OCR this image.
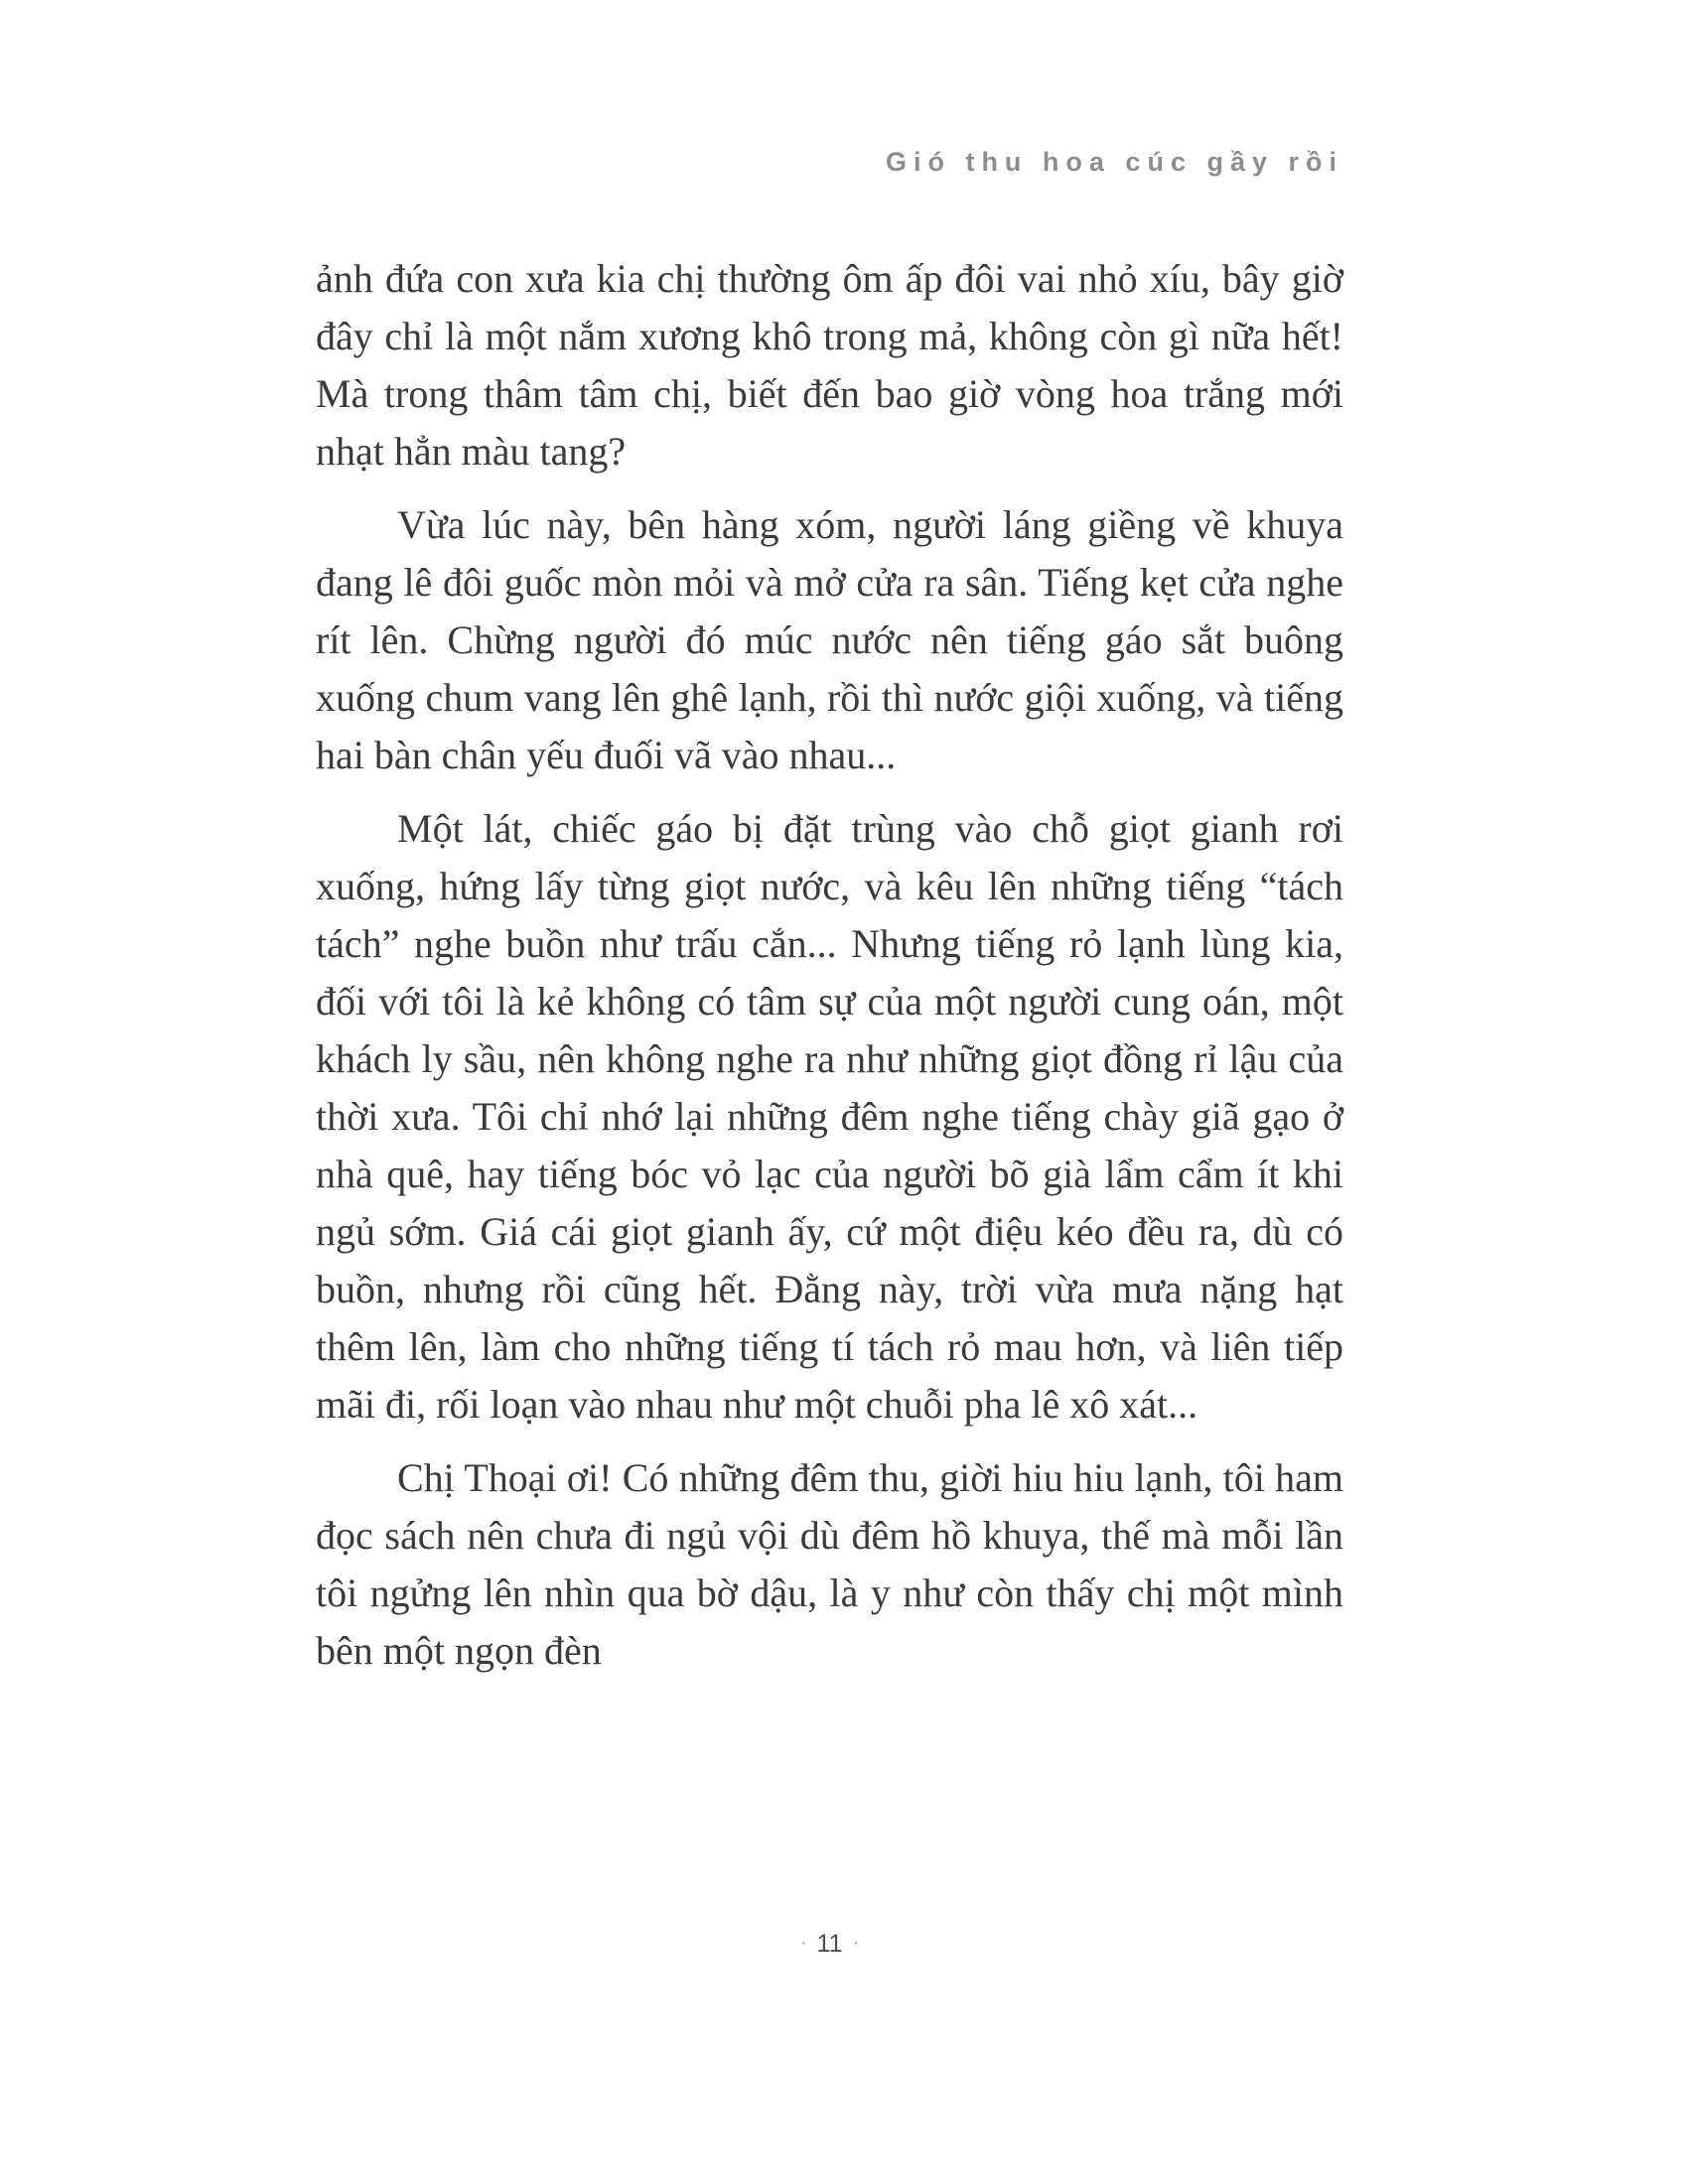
Gió thu hoa cúc gầy rồi

ảnh đứa con xưa kia chị thường ôm ấp đôi vai nhỏ xíu, bây giờ đây chỉ là một nắm xương khô trong mả, không còn gì nữa hết! Mà trong thâm tâm chị, biết đến bao giờ vòng hoa trắng mới nhạt hẳn màu tang?

Vừa lúc này, bên hàng xóm, người láng giềng về khuya đang lê đôi guốc mòn mỏi và mở cửa ra sân. Tiếng kẹt cửa nghe rít lên. Chừng người đó múc nước nên tiếng gáo sắt buông xuống chum vang lên ghê lạnh, rồi thì nước giội xuống, và tiếng hai bàn chân yếu đuối vã vào nhau...

Một lát, chiếc gáo bị đặt trùng vào chỗ giọt gianh rơi xuống, hứng lấy từng giọt nước, và kêu lên những tiếng “tách tách” nghe buồn như trấu cắn... Nhưng tiếng rỏ lạnh lùng kia, đối với tôi là kẻ không có tâm sự của một người cung oán, một khách ly sầu, nên không nghe ra như những giọt đồng rỉ lậu của thời xưa. Tôi chỉ nhớ lại những đêm nghe tiếng chày giã gạo ở nhà quê, hay tiếng bóc vỏ lạc của người bõ già lẩm cẩm ít khi ngủ sớm. Giá cái giọt gianh ấy, cứ một điệu kéo đều ra, dù có buồn, nhưng rồi cũng hết. Đằng này, trời vừa mưa nặng hạt thêm lên, làm cho những tiếng tí tách rỏ mau hơn, và liên tiếp mãi đi, rối loạn vào nhau như một chuỗi pha lê xô xát...

Chị Thoại ơi! Có những đêm thu, giời hiu hiu lạnh, tôi ham đọc sách nên chưa đi ngủ vội dù đêm hồ khuya, thế mà mỗi lần tôi ngửng lên nhìn qua bờ dậu, là y như còn thấy chị một mình bên một ngọn đèn

· 11 ·
